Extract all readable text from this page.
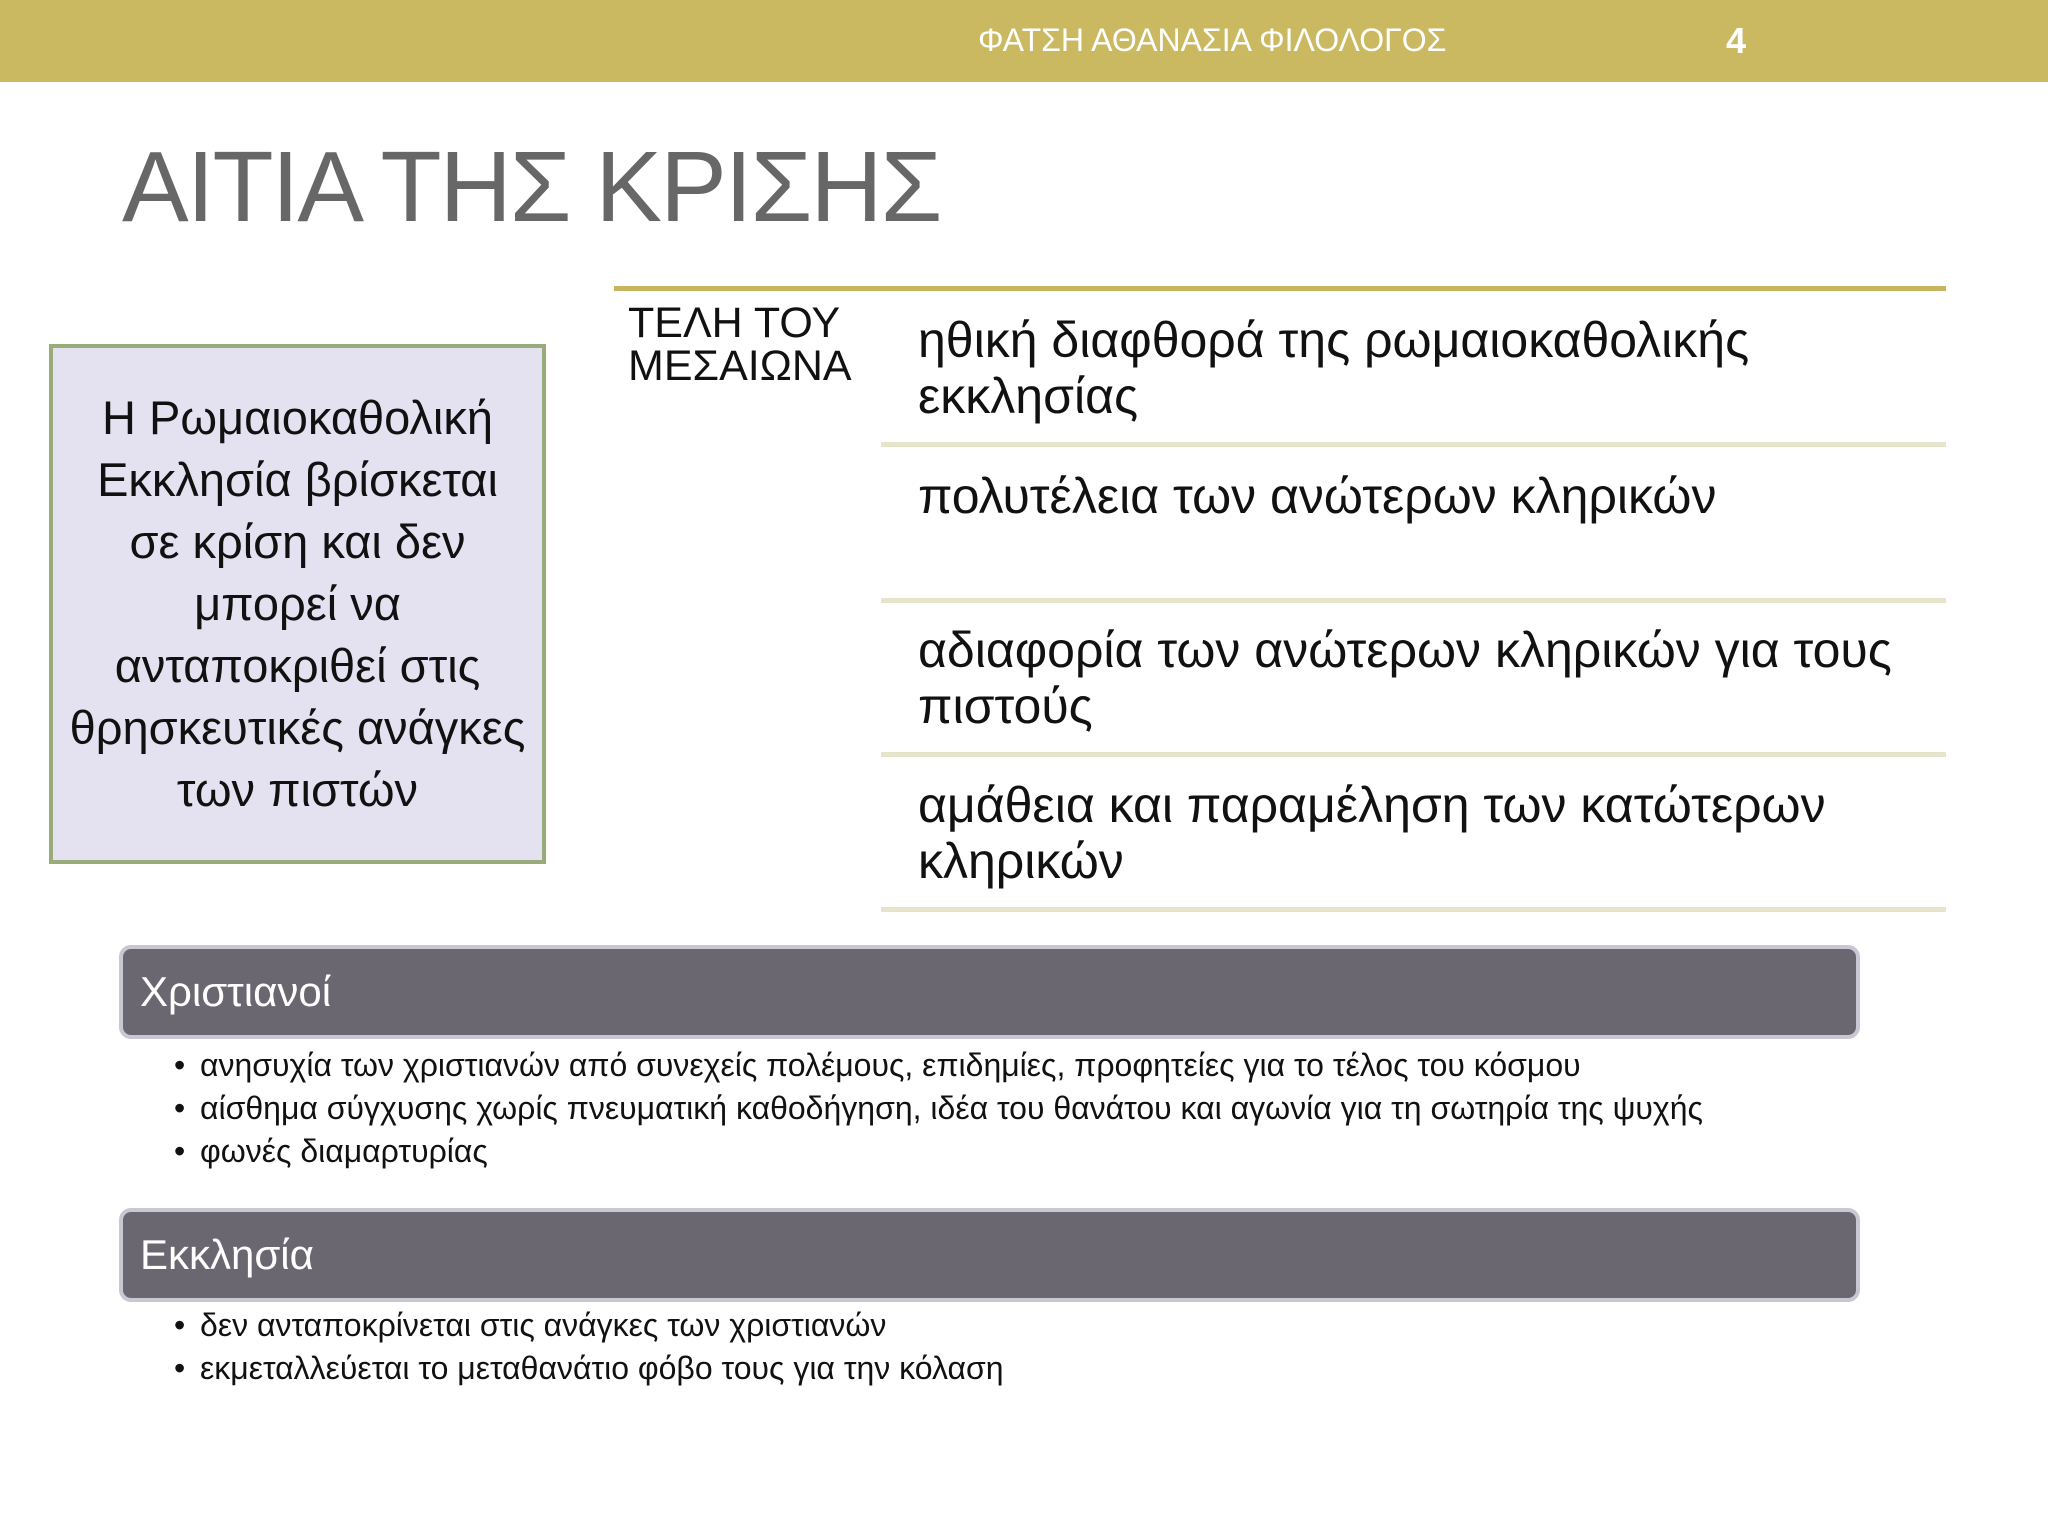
ΦΑΤΣΗ ΑΘΑΝΑΣΙΑ ΦΙΛΟΛΟΓΟΣ	4
ΑΙΤΙΑ ΤΗΣ ΚΡΙΣΗΣ
Η Ρωμαιοκαθολική Εκκλησία βρίσκεται σε κρίση και δεν μπορεί να ανταποκριθεί στις θρησκευτικές ανάγκες των πιστών
ΤΕΛΗ ΤΟΥ ΜΕΣΑΙΩΝΑ	ηθική διαφθορά της ρωμαιοκαθολικής εκκλησίας
πολυτέλεια των ανώτερων κληρικών
αδιαφορία των ανώτερων κληρικών για τους πιστούς
αμάθεια και παραμέληση των κατώτερων κληρικών
Χριστιανοί
• ανησυχία των χριστιανών από συνεχείς πολέμους, επιδημίες, προφητείες για το τέλος του κόσμου
• αίσθημα σύγχυσης χωρίς πνευματική καθοδήγηση, ιδέα του θανάτου και αγωνία για τη σωτηρία της ψυχής
• φωνές διαμαρτυρίας
Εκκλησία
• δεν ανταποκρίνεται στις ανάγκες των χριστιανών
• εκμεταλλεύεται το μεταθανάτιο φόβο τους για την κόλαση
